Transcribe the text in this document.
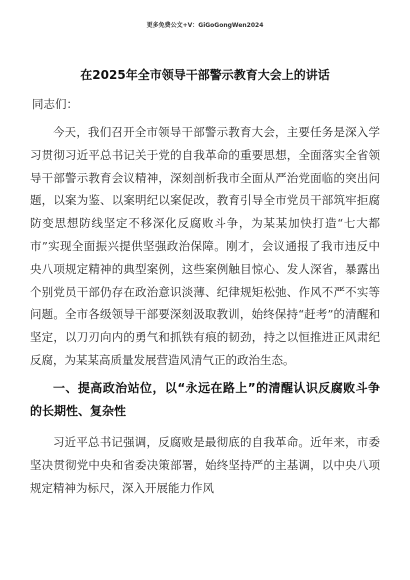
更多免费公文+V：GiGoGongWen2024
在2025年全市领导干部警示教育大会上的讲话
同志们：

今天，我们召开全市领导干部警示教育大会，主要任务是深入学习贯彻习近平总书记关于党的自我革命的重要思想，全面落实全省领导干部警示教育会议精神，深刻剖析我市全面从严治党面临的突出问题，以案为鉴、以案明纪以案促改，教育引导全市党员干部筑牢拒腐防变思想防线坚定不移深化反腐败斗争，为某某加快打造“七大都市”实现全面振兴提供坚强政治保障。刚才，会议通报了我市违反中央八项规定精神的典型案例，这些案例触目惊心、发人深省，暴露出个别党员干部仍存在政治意识淡薄、纪律规矩松弛、作风不严不实等问题。全市各级领导干部要深刻汲取教训，始终保持“赶考”的清醒和坚定，以刀刃向内的勇气和抓铁有痕的韧劲，持之以恒推进正风肃纪反腐，为某某高质量发展营造风清气正的政治生态。

一、提高政治站位，以“永远在路上”的清醒认识反腐败斗争的长期性、复杂性

习近平总书记强调，反腐败是最彻底的自我革命。近年来，市委坚决贯彻党中央和省委决策部署，始终坚持严的主基调，以中央八项规定精神为标尺，深入开展能力作风
